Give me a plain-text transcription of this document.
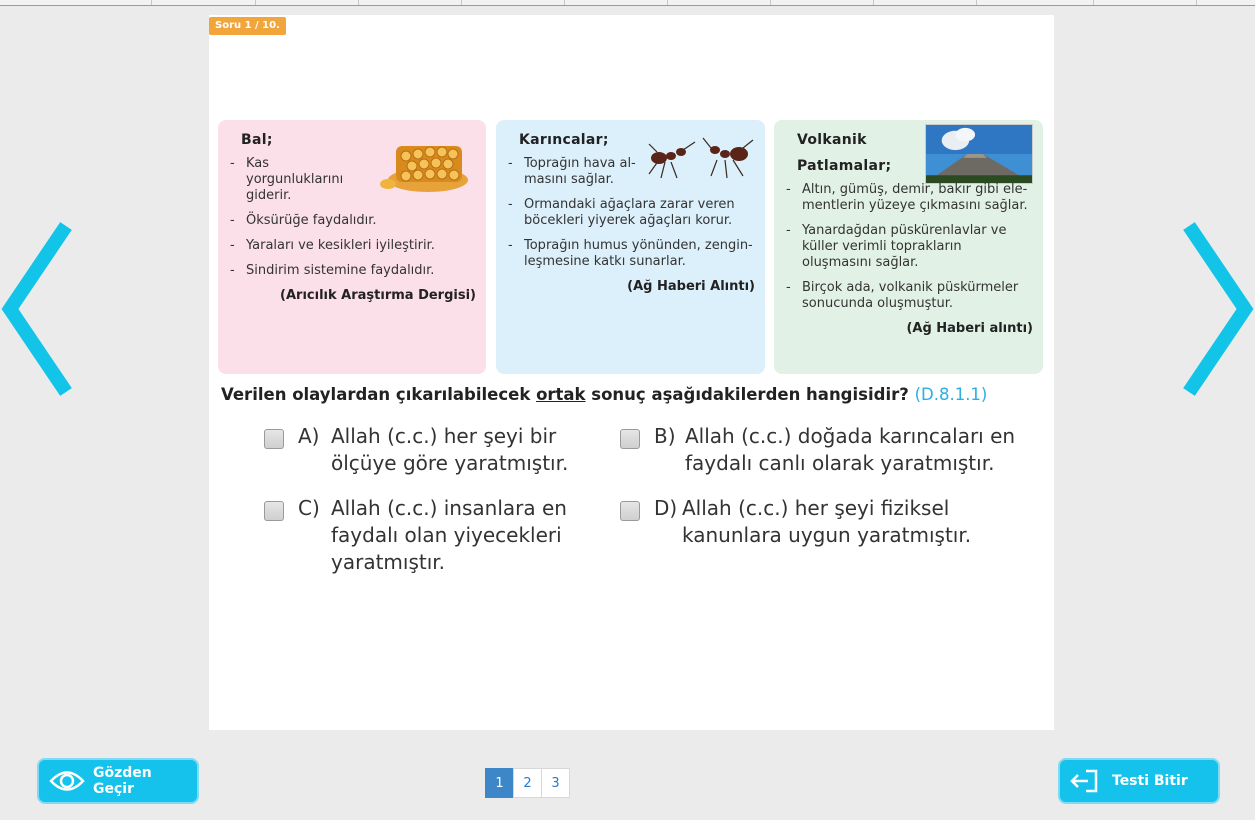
Soru 1 / 10.
Bal;
- Kas yorgunluklarını giderir.
- Öksürüğe faydalıdır.
- Yaraları ve kesikleri iyileştirir.
- Sindirim sistemine faydalıdır.
(Arıcılık Araştırma Dergisi)
Karıncalar;
- Toprağın hava al-masını sağlar.
- Ormandaki ağaçlara zarar veren böcekleri yiyerek ağaçları korur.
- Toprağın humus yönünden, zengin-leşmesine katkı sunarlar.
(Ağ Haberi Alıntı)
Volkanik
Patlamalar;
- Altın, gümüş, demir, bakır gibi ele-mentlerin yüzeye çıkmasını sağlar.
- Yanardağdan püskürenlavlar ve küller verimli toprakların oluşmasını sağlar.
- Birçok ada, volkanik püskürmeler sonucunda oluşmuştur.
(Ağ Haberi alıntı)
Verilen olaylardan çıkarılabilecek ortak sonuç aşağıdakilerden hangisidir? (D.8.1.1)
A) Allah (c.c.) her şeyi bir ölçüye göre yaratmıştır.
B) Allah (c.c.) doğada karıncaları en faydalı canlı olarak yaratmıştır.
C) Allah (c.c.) insanlara en faydalı olan yiyecekleri yaratmıştır.
D) Allah (c.c.) her şeyi fiziksel kanunlara uygun yaratmıştır.
Gözden Geçir	1	2	3	Testi Bitir
